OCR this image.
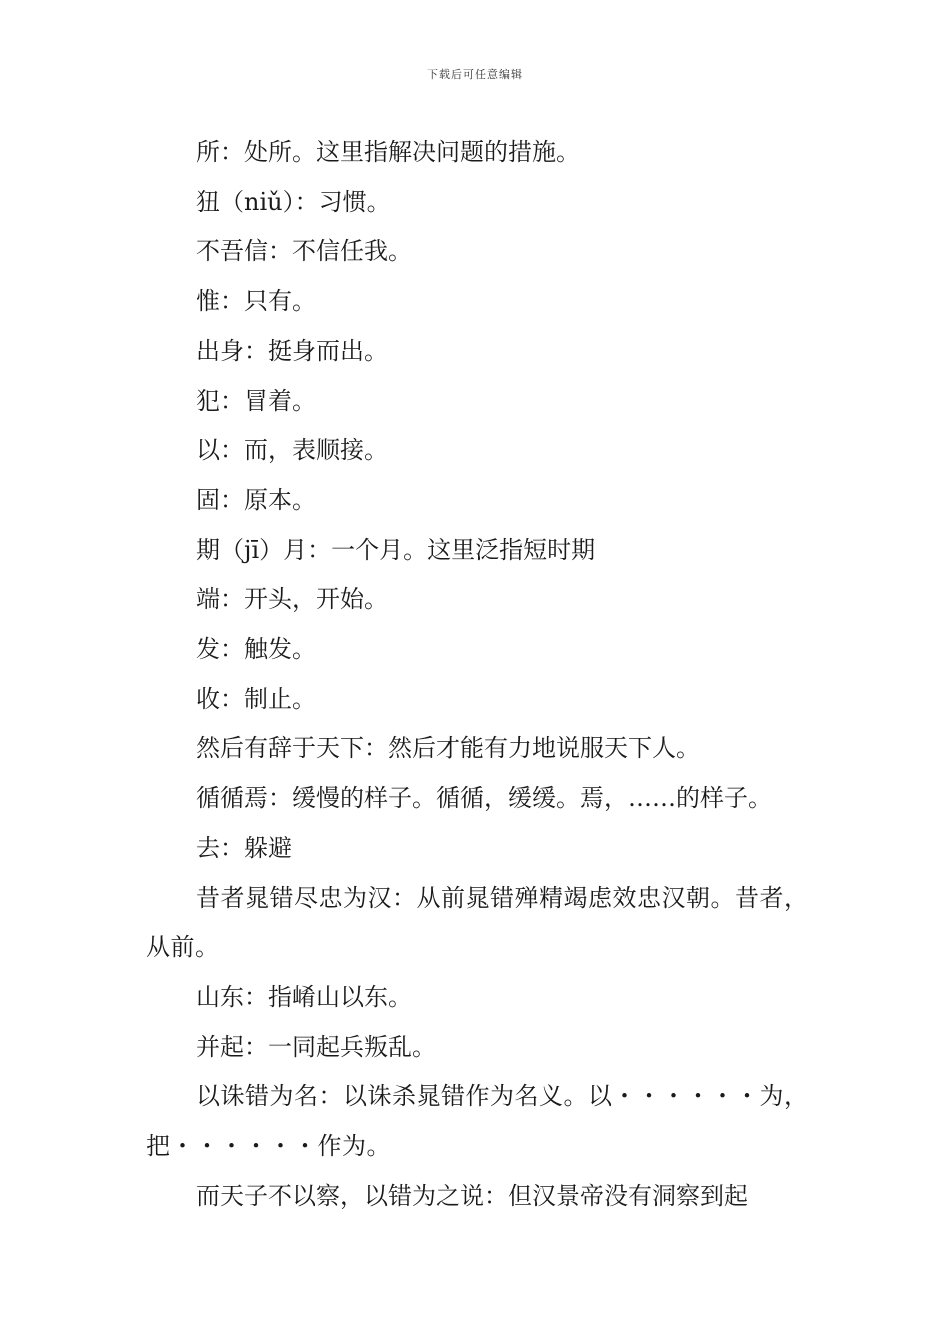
下载后可任意编辑

所：处所。这里指解决问题的措施。

狃（niǔ）：习惯。

不吾信：不信任我。

惟：只有。

出身：挺身而出。

犯：冒着。

以：而，表顺接。

固：原本。

期（jī）月：一个月。这里泛指短时期

端：开头，开始。

发：触发。

收：制止。

然后有辞于天下：然后才能有力地说服天下人。

循循焉：缓慢的样子。循循，缓缓。焉，……的样子。

去：躲避

昔者晁错尽忠为汉：从前晁错殚精竭虑效忠汉朝。昔者，从前。

山东：指崤山以东。

并起：一同起兵叛乱。

以诛错为名：以诛杀晁错作为名义。以・・・・・・为，把・・・・・・作为。

而天子不以察，以错为之说：但汉景帝没有洞察到起
